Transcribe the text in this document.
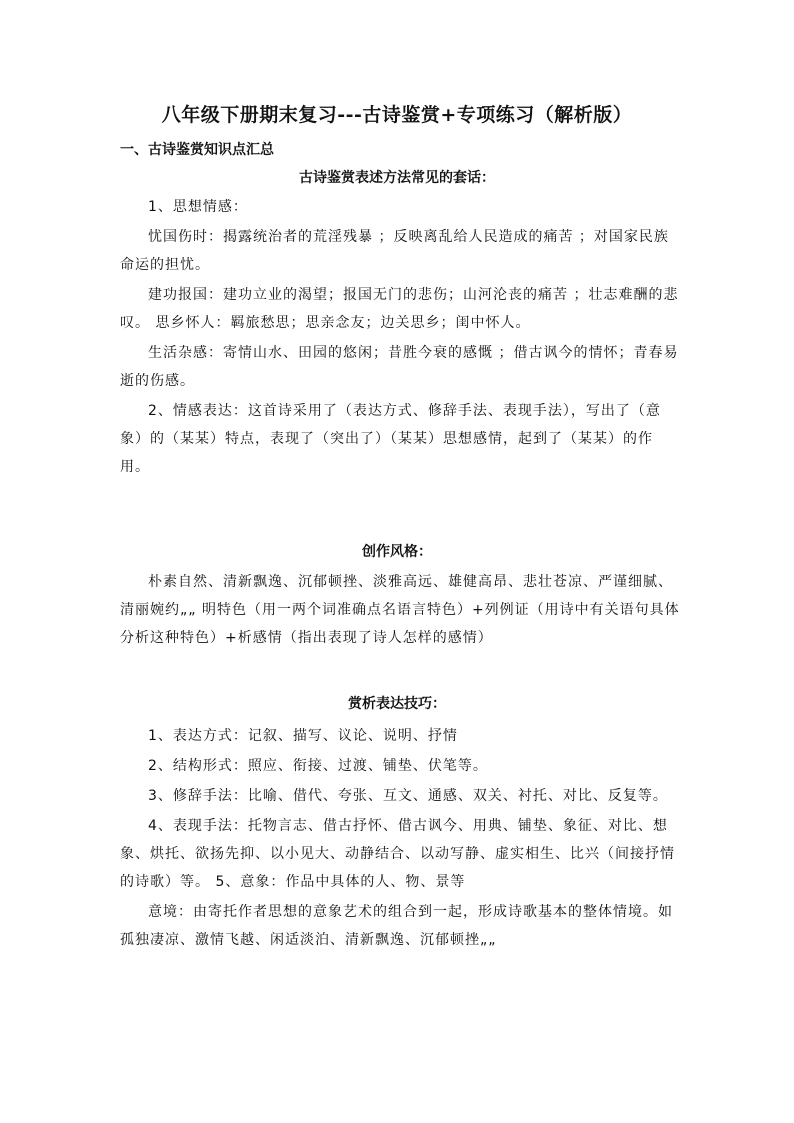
八年级下册期末复习---古诗鉴赏+专项练习（解析版）
一、古诗鉴赏知识点汇总
古诗鉴赏表述方法常见的套话：

1、思想情感：

忧国伤时：揭露统治者的荒淫残暴 ；反映离乱给人民造成的痛苦 ；对国家民族命运的担忧。

建功报国：建功立业的渴望；报国无门的悲伤；山河沦丧的痛苦 ；壮志难酬的悲叹。 思乡怀人：羁旅愁思；思亲念友；边关思乡；闺中怀人。

生活杂感：寄情山水、田园的悠闲；昔胜今衰的感慨 ；借古讽今的情怀；青春易逝的伤感。

2、情感表达：这首诗采用了（表达方式、修辞手法、表现手法），写出了（意象）的（某某）特点，表现了（突出了）（某某）思想感情，起到了（某某）的作用。

创作风格：

朴素自然、清新飘逸、沉郁顿挫、淡雅高远、雄健高昂、悲壮苍凉、严谨细腻、清丽婉约„„ 明特色（用一两个词准确点名语言特色）+列例证（用诗中有关语句具体分析这种特色）+析感情（指出表现了诗人怎样的感情）

赏析表达技巧：

1、表达方式：记叙、描写、议论、说明、抒情

2、结构形式：照应、衔接、过渡、铺垫、伏笔等。

3、修辞手法：比喻、借代、夸张、互文、通感、双关、衬托、对比、反复等。

4、表现手法：托物言志、借古抒怀、借古讽今、用典、铺垫、象征、对比、想象、烘托、欲扬先抑、以小见大、动静结合、以动写静、虚实相生、比兴（间接抒情的诗歌）等。 5、意象：作品中具体的人、物、景等

意境：由寄托作者思想的意象艺术的组合到一起，形成诗歌基本的整体情境。如孤独凄凉、激情飞越、闲适淡泊、清新飘逸、沉郁顿挫„„
